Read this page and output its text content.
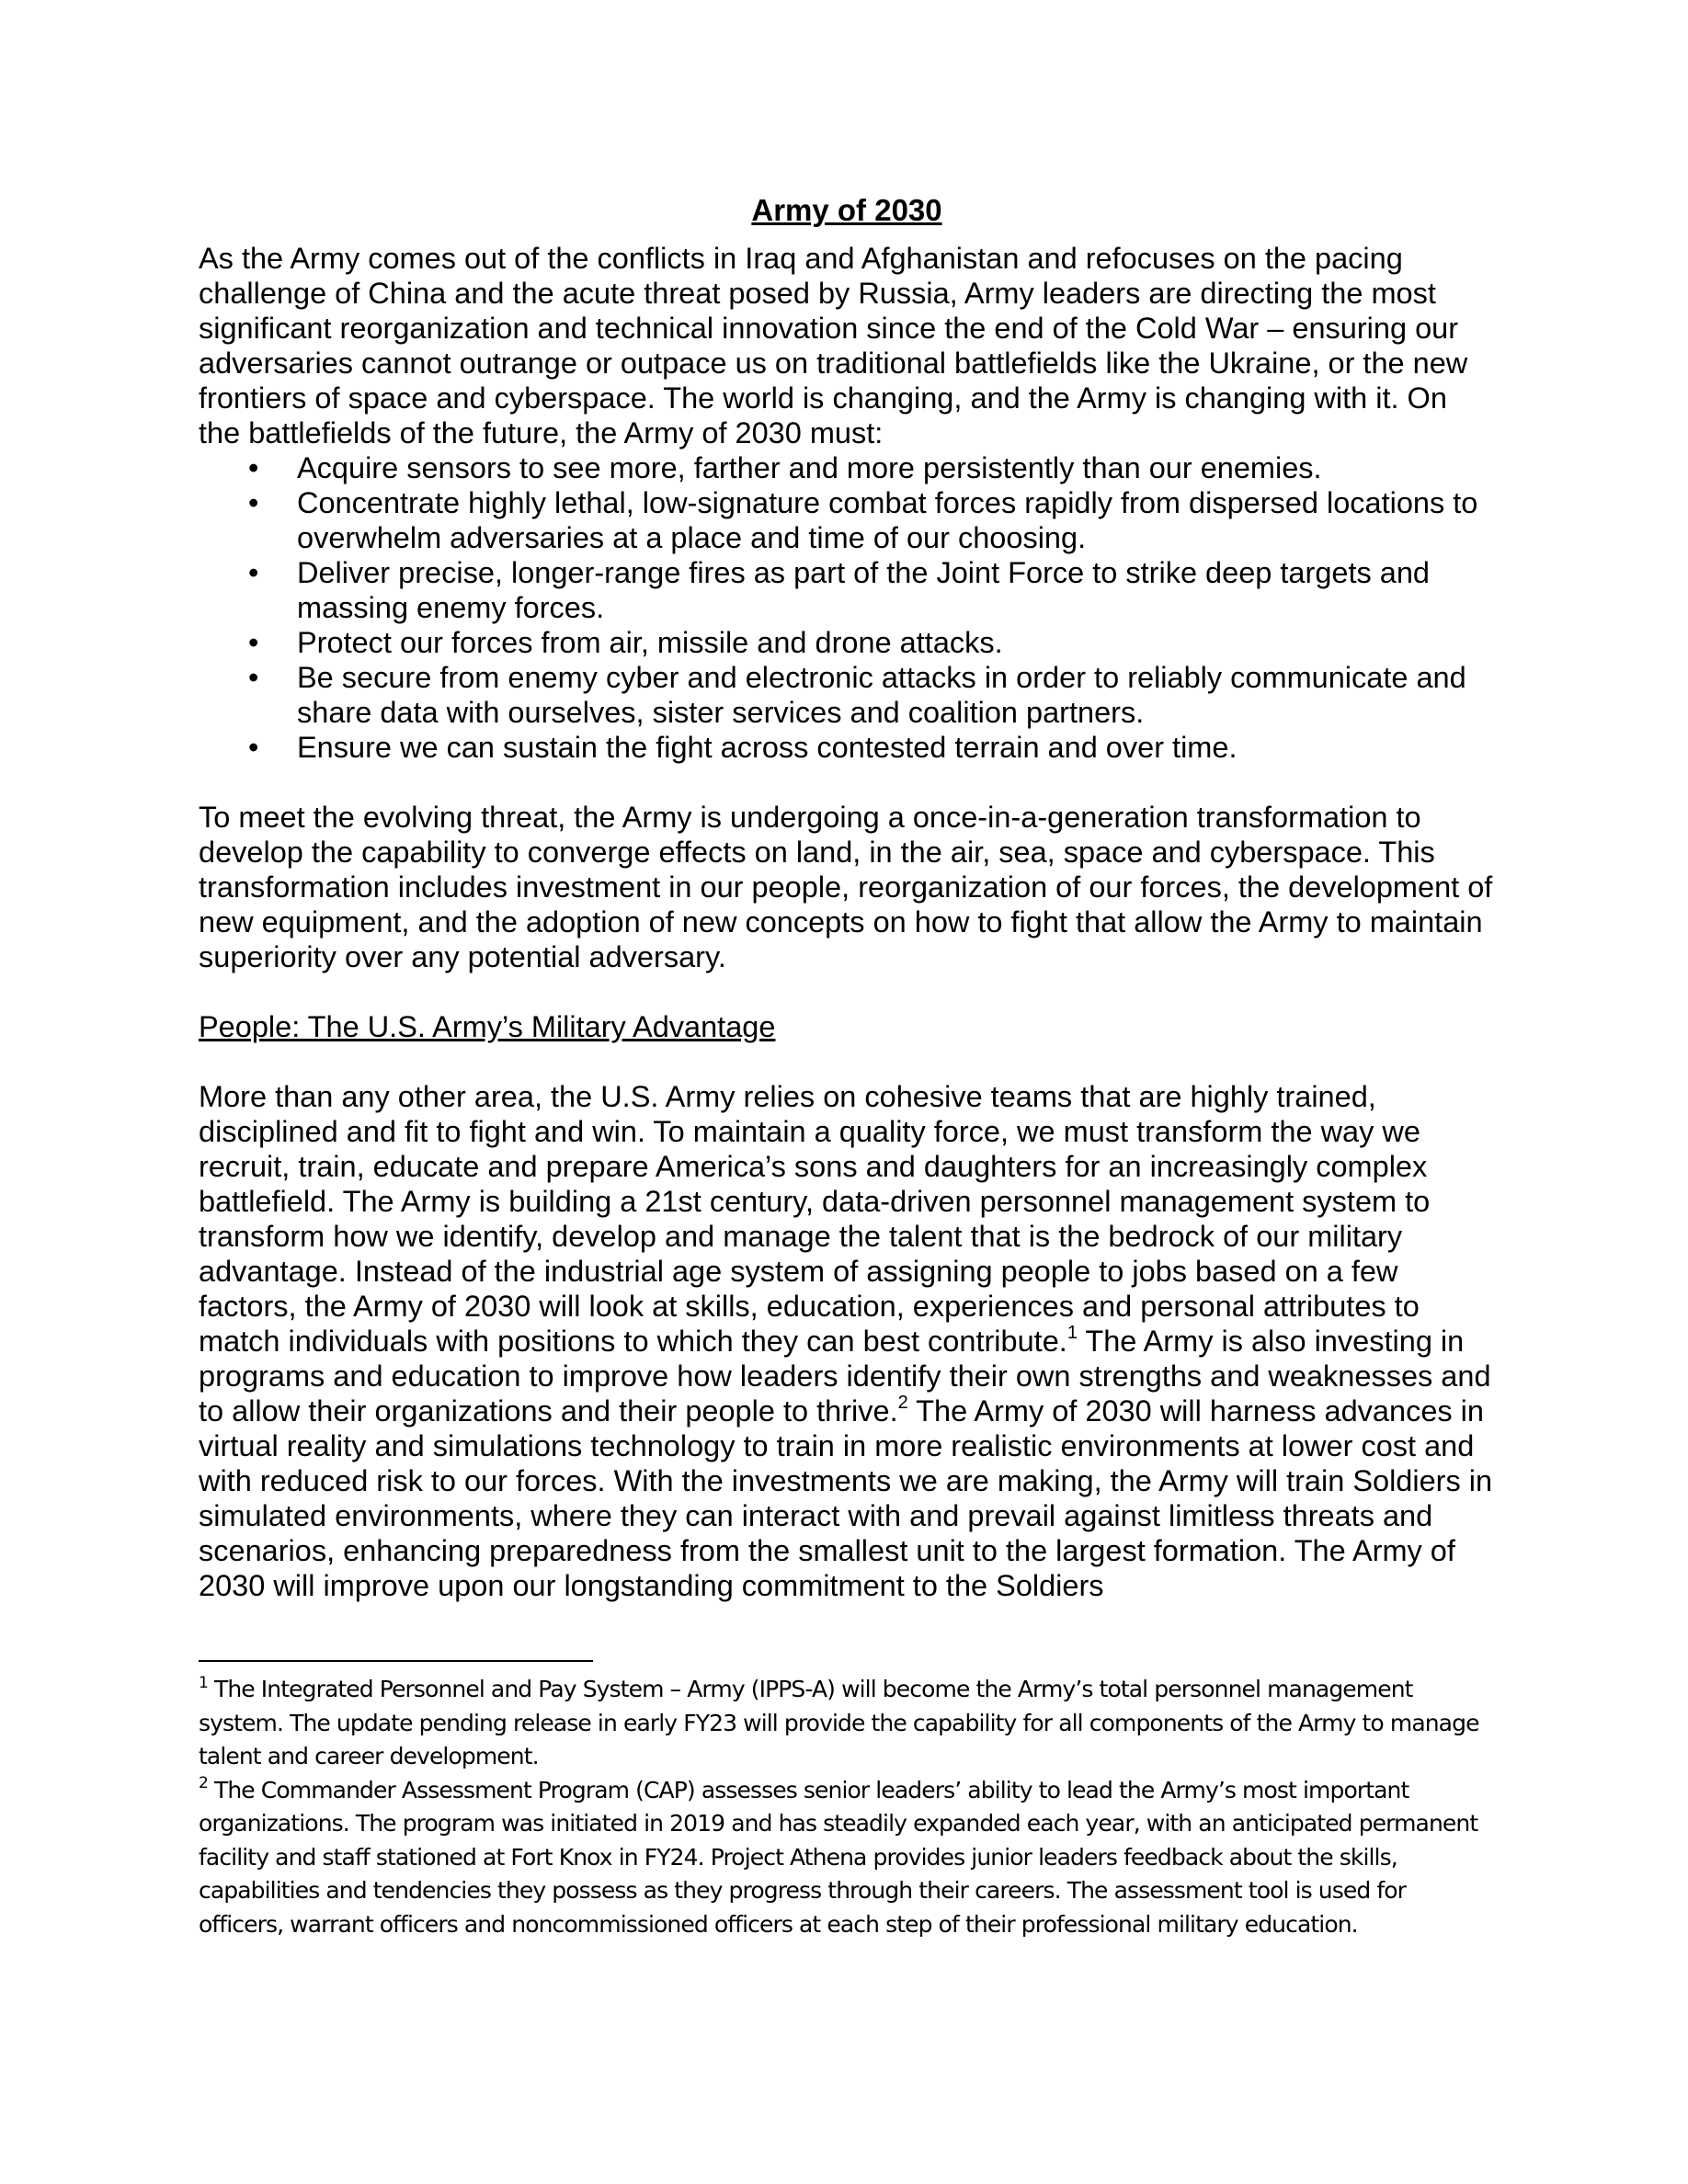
Army of 2030

As the Army comes out of the conflicts in Iraq and Afghanistan and refocuses on the pacing challenge of China and the acute threat posed by Russia, Army leaders are directing the most significant reorganization and technical innovation since the end of the Cold War – ensuring our adversaries cannot outrange or outpace us on traditional battlefields like the Ukraine, or the new frontiers of space and cyberspace. The world is changing, and the Army is changing with it. On the battlefields of the future, the Army of 2030 must:

• Acquire sensors to see more, farther and more persistently than our enemies.
• Concentrate highly lethal, low-signature combat forces rapidly from dispersed locations to overwhelm adversaries at a place and time of our choosing.
• Deliver precise, longer-range fires as part of the Joint Force to strike deep targets and massing enemy forces.
• Protect our forces from air, missile and drone attacks.
• Be secure from enemy cyber and electronic attacks in order to reliably communicate and share data with ourselves, sister services and coalition partners.
• Ensure we can sustain the fight across contested terrain and over time.

To meet the evolving threat, the Army is undergoing a once-in-a-generation transformation to develop the capability to converge effects on land, in the air, sea, space and cyberspace. This transformation includes investment in our people, reorganization of our forces, the development of new equipment, and the adoption of new concepts on how to fight that allow the Army to maintain superiority over any potential adversary.

People: The U.S. Army’s Military Advantage

More than any other area, the U.S. Army relies on cohesive teams that are highly trained, disciplined and fit to fight and win. To maintain a quality force, we must transform the way we recruit, train, educate and prepare America’s sons and daughters for an increasingly complex battlefield. The Army is building a 21st century, data-driven personnel management system to transform how we identify, develop and manage the talent that is the bedrock of our military advantage. Instead of the industrial age system of assigning people to jobs based on a few factors, the Army of 2030 will look at skills, education, experiences and personal attributes to match individuals with positions to which they can best contribute.$^1$ The Army is also investing in programs and education to improve how leaders identify their own strengths and weaknesses and to allow their organizations and their people to thrive.$^2$ The Army of 2030 will harness advances in virtual reality and simulations technology to train in more realistic environments at lower cost and with reduced risk to our forces. With the investments we are making, the Army will train Soldiers in simulated environments, where they can interact with and prevail against limitless threats and scenarios, enhancing preparedness from the smallest unit to the largest formation. The Army of 2030 will improve upon our longstanding commitment to the Soldiers

$^1$ The Integrated Personnel and Pay System – Army (IPPS-A) will become the Army’s total personnel management system. The update pending release in early FY23 will provide the capability for all components of the Army to manage talent and career development.

$^2$ The Commander Assessment Program (CAP) assesses senior leaders’ ability to lead the Army’s most important organizations. The program was initiated in 2019 and has steadily expanded each year, with an anticipated permanent facility and staff stationed at Fort Knox in FY24. Project Athena provides junior leaders feedback about the skills, capabilities and tendencies they possess as they progress through their careers. The assessment tool is used for officers, warrant officers and noncommissioned officers at each step of their professional military education.
